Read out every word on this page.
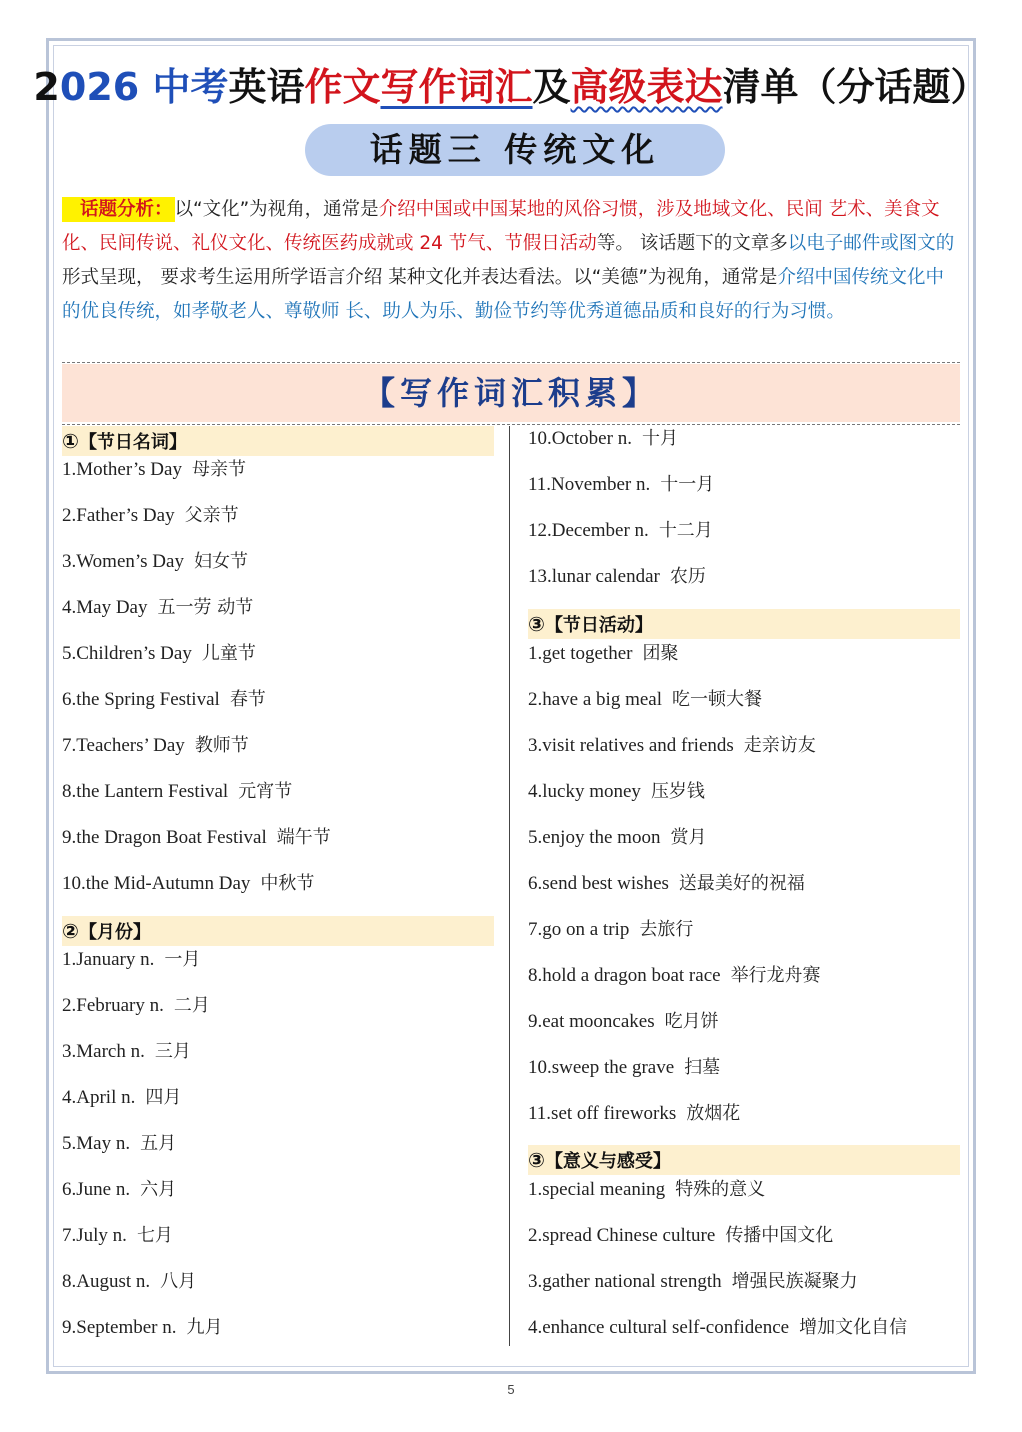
2026 中考英语作文写作词汇及高级表达清单（分话题）
话题三 传统文化
话题分析： 以“文化”为视角，通常是介绍中国或中国某地的风俗习惯，涉及地域文化、民间 艺术、美食文化、民间传说、礼仪文化、传统医药成就或 24 节气、节假日活动等。 该话题下的文章多以电子邮件或图文的形式呈现， 要求考生运用所学语言介绍 某种文化并表达看法。以“美德”为视角，通常是介绍中国传统文化中的优良传统，如孝敬老人、尊敬师 长、助人为乐、勤俭节约等优秀道德品质和良好的行为习惯。
【写作词汇积累】
①【节日名词】
1.Mother’s Day 母亲节
2.Father’s Day 父亲节
3.Women’s Day 妇女节
4.May Day 五一劳 动节
5.Children’s Day 儿童节
6.the Spring Festival 春节
7.Teachers’ Day 教师节
8.the Lantern Festival 元宵节
9.the Dragon Boat Festival 端午节
10.the Mid-Autumn Day 中秋节
②【月份】
1.January n. 一月
2.February n. 二月
3.March n. 三月
4.April n. 四月
5.May n. 五月
6.June n. 六月
7.July n. 七月
8.August n. 八月
9.September n. 九月
10.October n. 十月
11.November n. 十一月
12.December n. 十二月
13.lunar calendar 农历
③【节日活动】
1.get together 团聚
2.have a big meal 吃一顿大餐
3.visit relatives and friends 走亲访友
4.lucky money 压岁钱
5.enjoy the moon 赏月
6.send best wishes 送最美好的祝福
7.go on a trip 去旅行
8.hold a dragon boat race 举行龙舟赛
9.eat mooncakes 吃月饼
10.sweep the grave 扫墓
11.set off fireworks 放烟花
③【意义与感受】
1.special meaning 特殊的意义
2.spread Chinese culture 传播中国文化
3.gather national strength 增强民族凝聚力
4.enhance cultural self-confidence 增加文化自信
5
